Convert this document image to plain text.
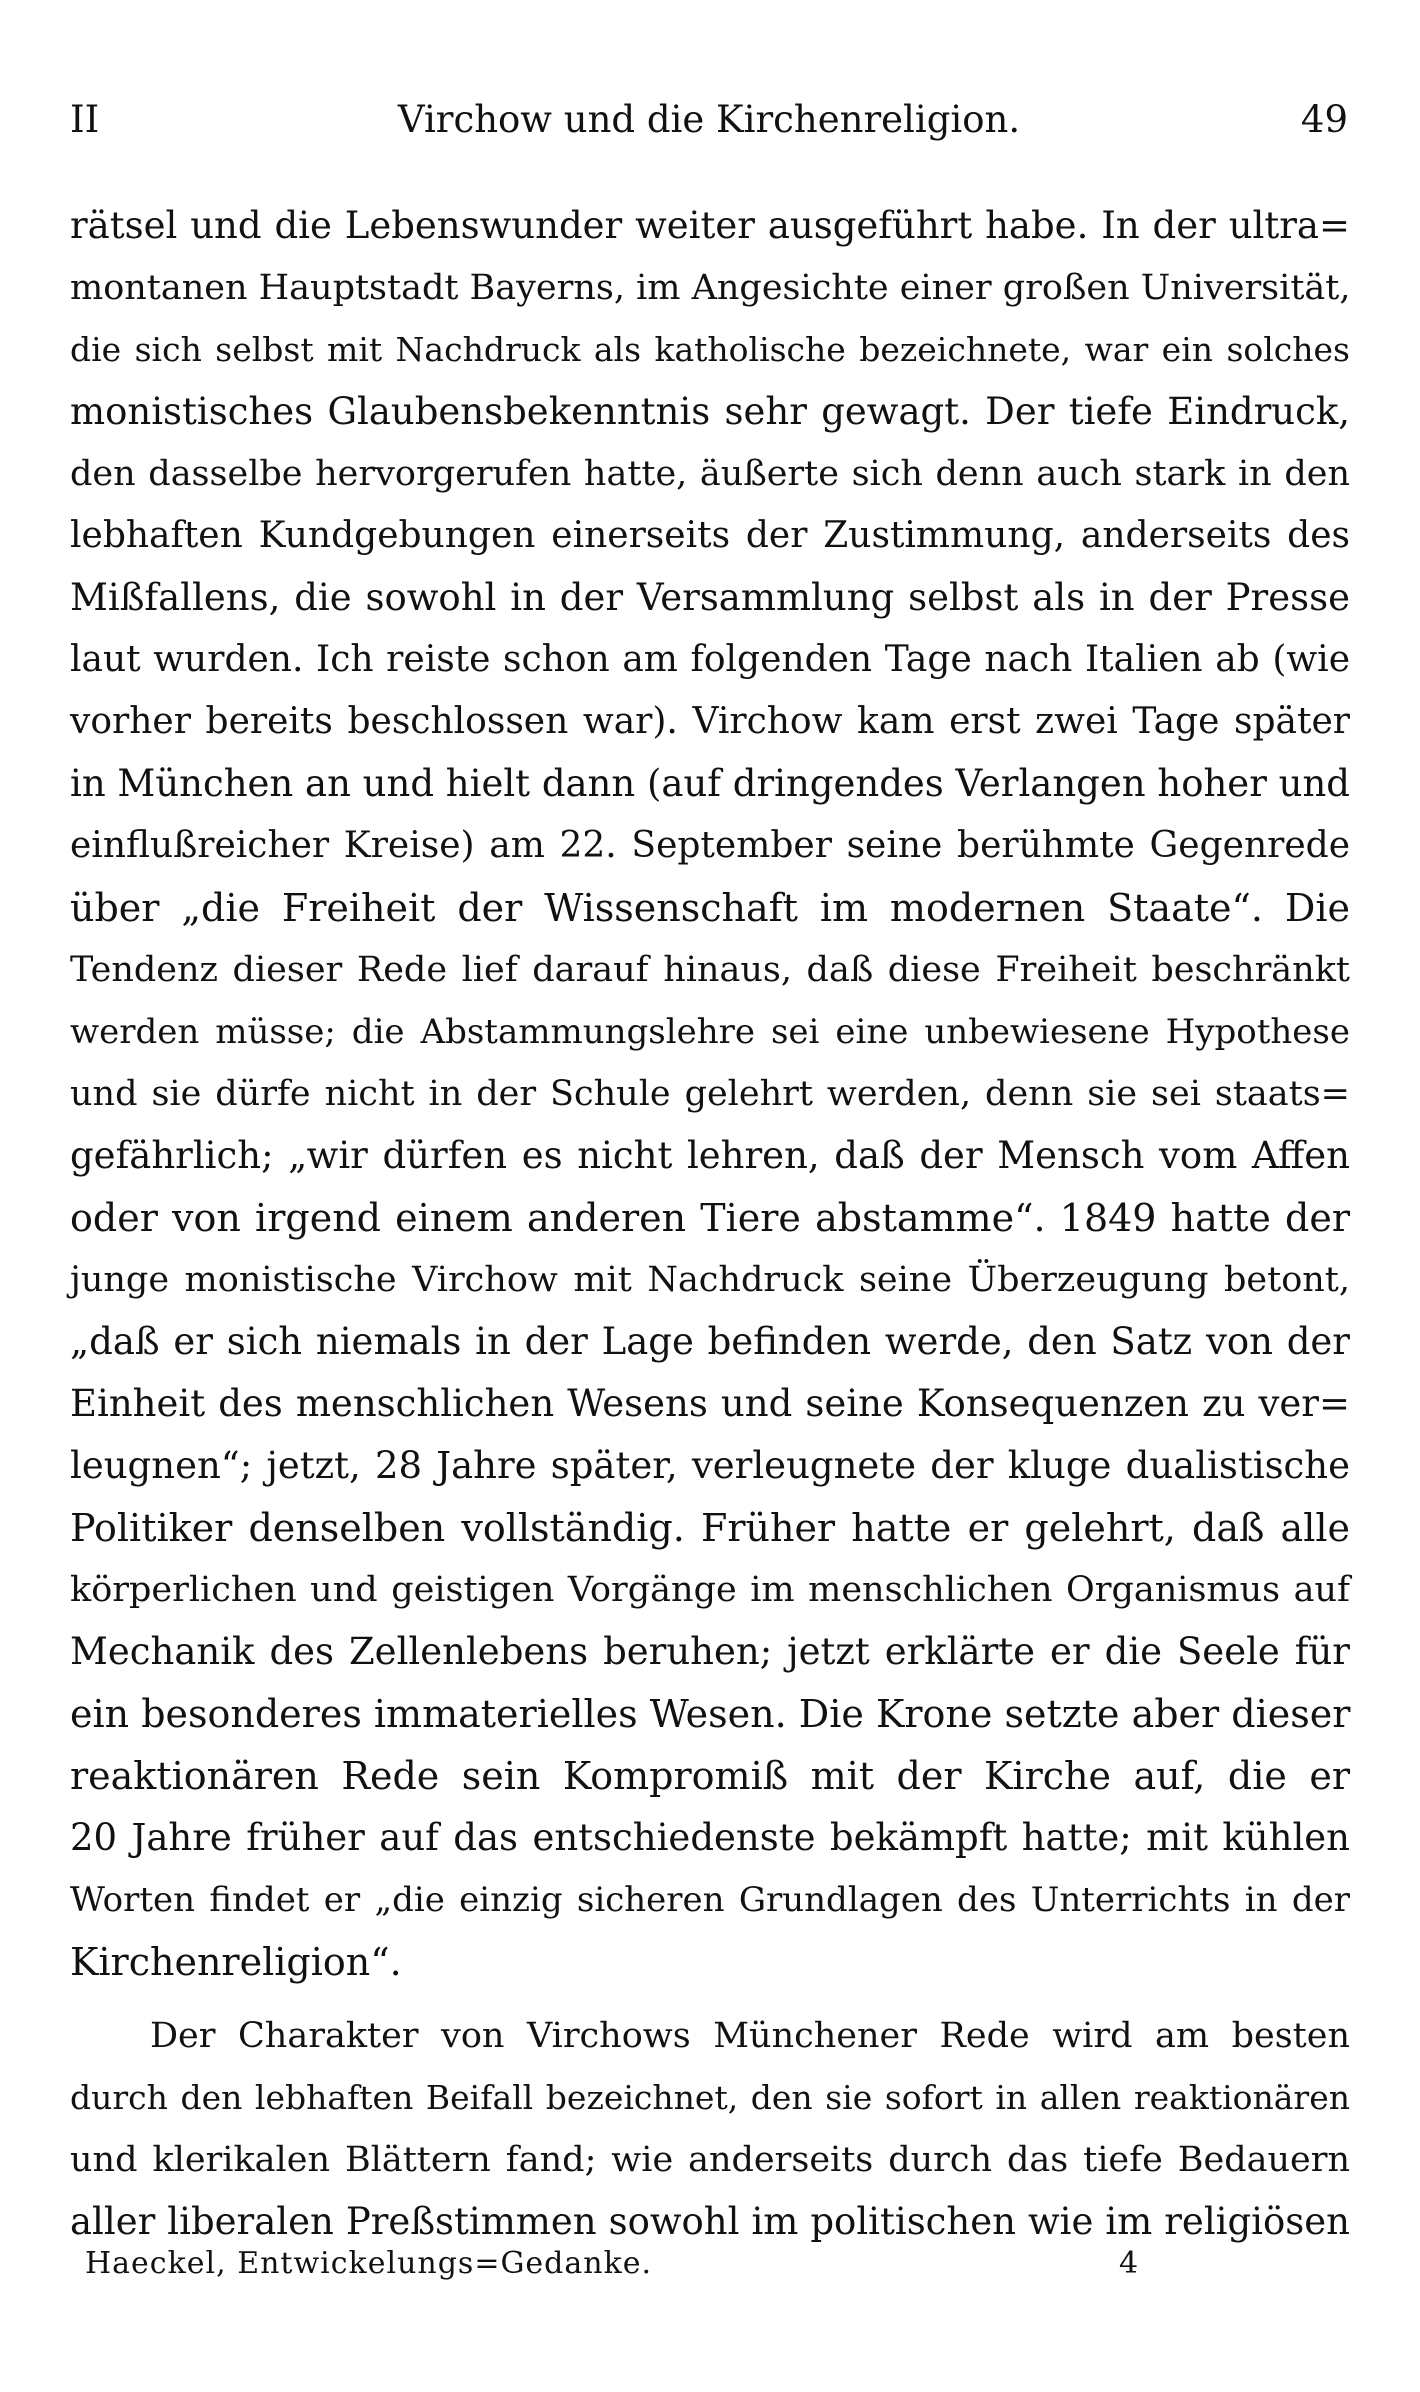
II	Virchow und die Kirchenreligion.	49
rätsel und die Lebenswunder weiter ausgeführt habe. In der ultra=
montanen Hauptstadt Bayerns, im Angesichte einer großen Universität,
die sich selbst mit Nachdruck als katholische bezeichnete, war ein solches
monistisches Glaubensbekenntnis sehr gewagt. Der tiefe Eindruck,
den dasselbe hervorgerufen hatte, äußerte sich denn auch stark in den
lebhaften Kundgebungen einerseits der Zustimmung, anderseits des
Mißfallens, die sowohl in der Versammlung selbst als in der Presse
laut wurden. Ich reiste schon am folgenden Tage nach Italien ab (wie
vorher bereits beschlossen war). Virchow kam erst zwei Tage später
in München an und hielt dann (auf dringendes Verlangen hoher und
einflußreicher Kreise) am 22. September seine berühmte Gegenrede
über „die Freiheit der Wissenschaft im modernen Staate“. Die
Tendenz dieser Rede lief darauf hinaus, daß diese Freiheit beschränkt
werden müsse; die Abstammungslehre sei eine unbewiesene Hypothese
und sie dürfe nicht in der Schule gelehrt werden, denn sie sei staats=
gefährlich; „wir dürfen es nicht lehren, daß der Mensch vom Affen
oder von irgend einem anderen Tiere abstamme“. 1849 hatte der
junge monistische Virchow mit Nachdruck seine Überzeugung betont,
„daß er sich niemals in der Lage befinden werde, den Satz von der
Einheit des menschlichen Wesens und seine Konsequenzen zu ver=
leugnen“; jetzt, 28 Jahre später, verleugnete der kluge dualistische
Politiker denselben vollständig. Früher hatte er gelehrt, daß alle
körperlichen und geistigen Vorgänge im menschlichen Organismus auf
Mechanik des Zellenlebens beruhen; jetzt erklärte er die Seele für
ein besonderes immaterielles Wesen. Die Krone setzte aber dieser
reaktionären Rede sein Kompromiß mit der Kirche auf, die er
20 Jahre früher auf das entschiedenste bekämpft hatte; mit kühlen
Worten findet er „die einzig sicheren Grundlagen des Unterrichts in der
Kirchenreligion“.
Der Charakter von Virchows Münchener Rede wird am besten
durch den lebhaften Beifall bezeichnet, den sie sofort in allen reaktionären
und klerikalen Blättern fand; wie anderseits durch das tiefe Bedauern
aller liberalen Preßstimmen sowohl im politischen wie im religiösen
Haeckel, Entwickelungs=Gedanke.	4
